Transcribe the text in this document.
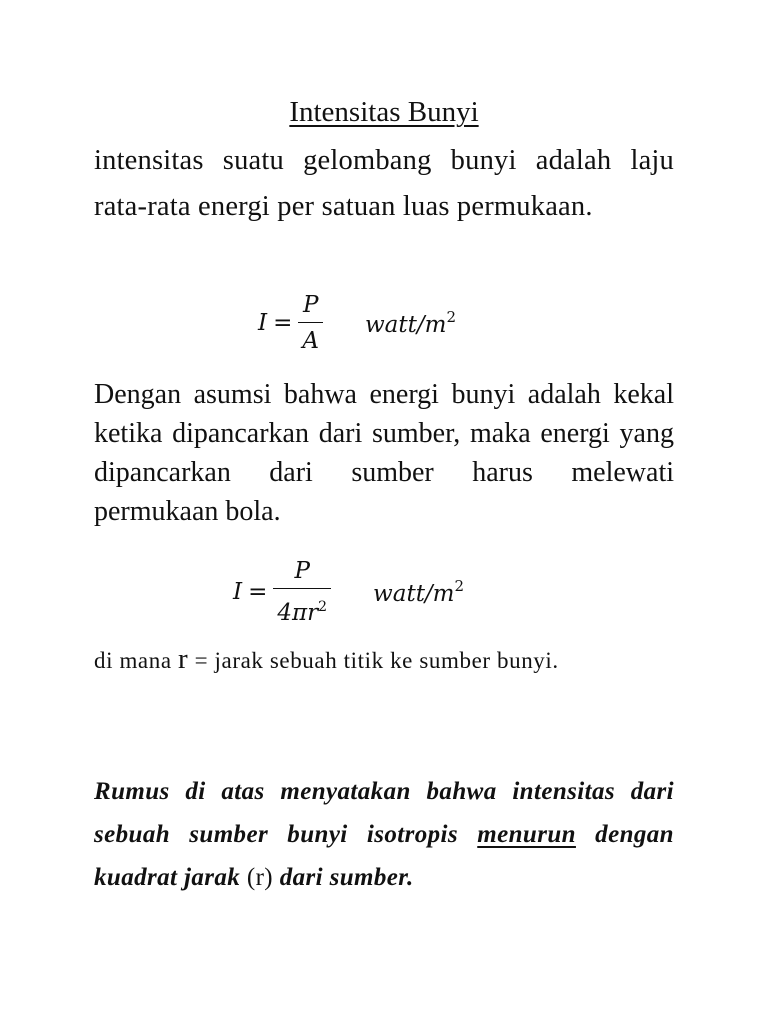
Intensitas Bunyi
intensitas suatu gelombang bunyi adalah laju rata-rata energi per satuan luas permukaan.
$I = \frac{P}{A}$ watt/$m^2$
Dengan asumsi bahwa energi bunyi adalah kekal ketika dipancarkan dari sumber, maka energi yang dipancarkan dari sumber harus melewati permukaan bola.
$I = \frac{P}{4\pi r^2}$ watt/$m^2$
di mana r = jarak sebuah titik ke sumber bunyi.
Rumus di atas menyatakan bahwa intensitas dari sebuah sumber bunyi isotropis menurun dengan kuadrat jarak (r) dari sumber.
